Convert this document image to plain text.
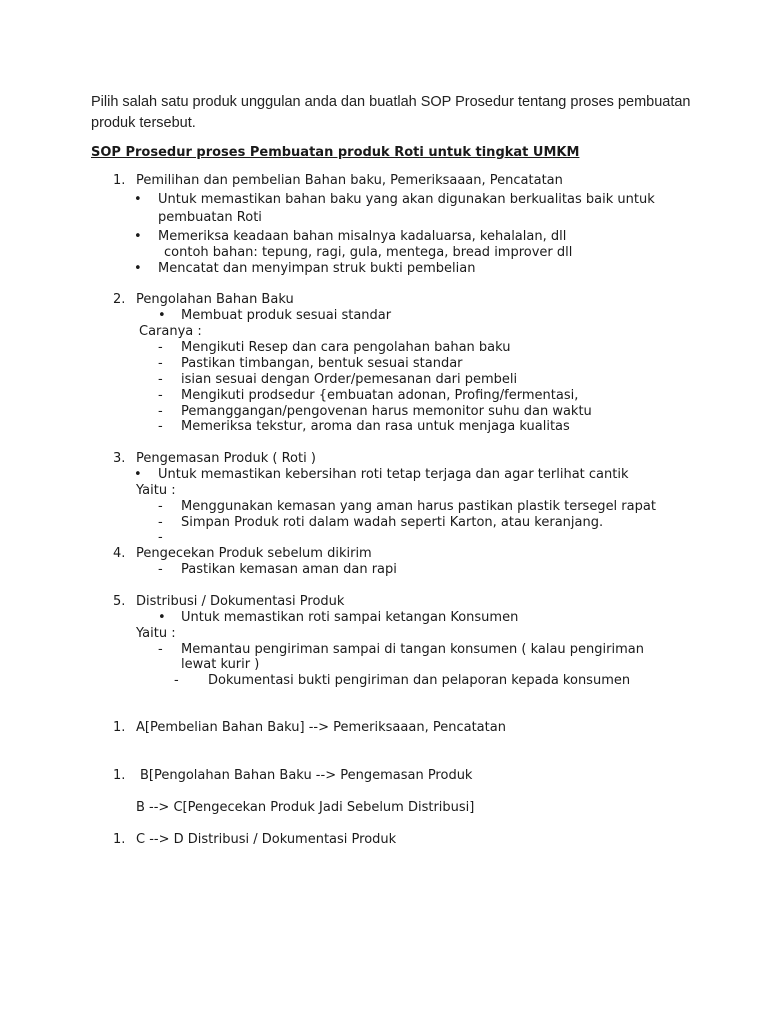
Pilih salah satu produk unggulan anda dan buatlah SOP Prosedur tentang proses pembuatan produk tersebut.
SOP Prosedur proses Pembuatan produk Roti untuk tingkat UMKM
1. Pemilihan dan pembelian Bahan baku, Pemeriksaaan, Pencatatan
• Untuk memastikan bahan baku yang akan digunakan berkualitas baik untuk
pembuatan Roti
• Memeriksa keadaan bahan misalnya kadaluarsa, kehalalan, dll
contoh bahan: tepung, ragi, gula, mentega, bread improver dll
• Mencatat dan menyimpan struk bukti pembelian
2. Pengolahan Bahan Baku
• Membuat produk sesuai standar
Caranya :
- Mengikuti Resep dan cara pengolahan bahan baku
- Pastikan timbangan, bentuk sesuai standar
- isian sesuai dengan Order/pemesanan dari pembeli
- Mengikuti prodsedur {embuatan adonan, Profing/fermentasi,
- Pemanggangan/pengovenan harus memonitor suhu dan waktu
- Memeriksa tekstur, aroma dan rasa untuk menjaga kualitas
3. Pengemasan Produk ( Roti )
• Untuk memastikan kebersihan roti tetap terjaga dan agar terlihat cantik
Yaitu :
- Menggunakan kemasan yang aman harus pastikan plastik tersegel rapat
- Simpan Produk roti dalam wadah seperti Karton, atau keranjang.
-
4. Pengecekan Produk sebelum dikirim
- Pastikan kemasan aman dan rapi
5. Distribusi / Dokumentasi Produk
• Untuk memastikan roti sampai ketangan Konsumen
Yaitu :
- Memantau pengiriman sampai di tangan konsumen ( kalau pengiriman
lewat kurir )
- Dokumentasi bukti pengiriman dan pelaporan kepada konsumen
1. A[Pembelian Bahan Baku] --> Pemeriksaaan, Pencatatan
1. B[Pengolahan Bahan Baku --> Pengemasan Produk
B --> C[Pengecekan Produk Jadi Sebelum Distribusi]
1. C --> D Distribusi / Dokumentasi Produk
